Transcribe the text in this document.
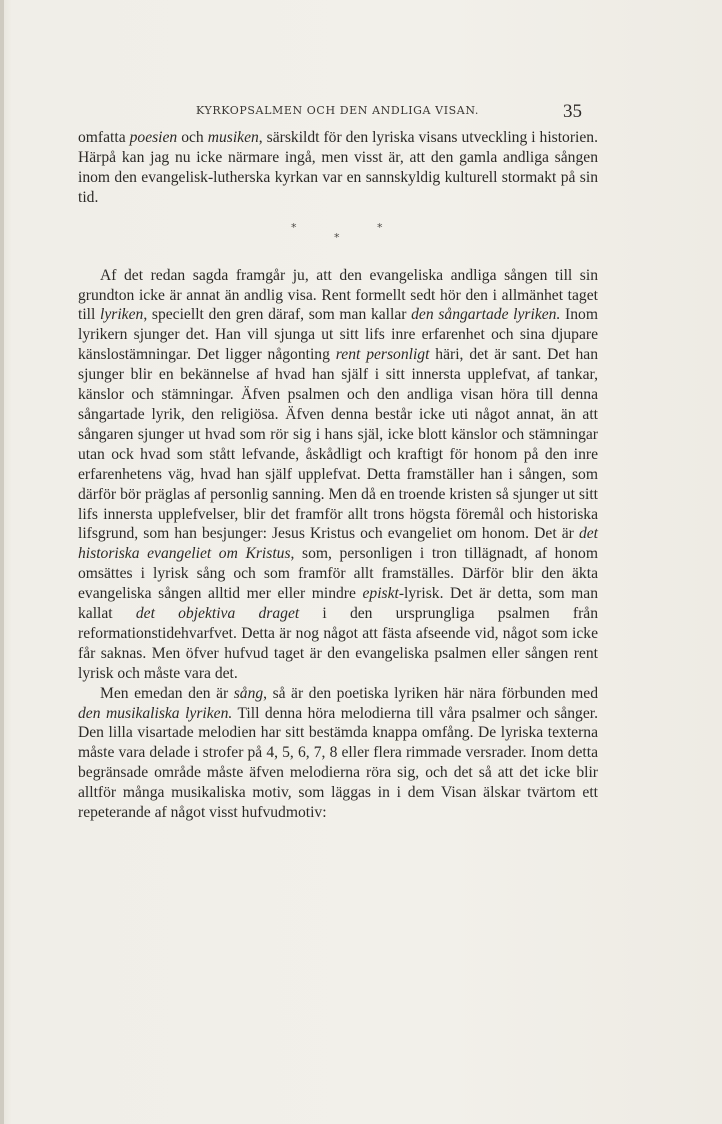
KYRKOPSALMEN OCH DEN ANDLIGA VISAN.	35

omfatta poesien och musiken, särskildt för den lyriska visans utveckling i historien. Härpå kan jag nu icke närmare ingå, men visst är, att den gamla andliga sången inom den evangelisk-lutherska kyrkan var en sannskyldig kulturell stormakt på sin tid.

*	*
*

Af det redan sagda framgår ju, att den evangeliska andliga sången till sin grundton icke är annat än andlig visa. Rent formellt sedt hör den i allmänhet taget till lyriken, speciellt den gren däraf, som man kallar den sångartade lyriken. Inom lyrikern sjunger det. Han vill sjunga ut sitt lifs inre erfarenhet och sina djupare känslostämningar. Det ligger någonting rent personligt häri, det är sant. Det han sjunger blir en bekännelse af hvad han själf i sitt innersta upplefvat, af tankar, känslor och stämningar. Äfven psalmen och den andliga visan höra till denna sångartade lyrik, den religiösa. Äfven denna består icke uti något annat, än att sångaren sjunger ut hvad som rör sig i hans själ, icke blott känslor och stämningar utan ock hvad som stått lefvande, åskådligt och kraftigt för honom på den inre erfarenhetens väg, hvad han själf upplefvat. Detta framställer han i sången, som därför bör präglas af personlig sanning. Men då en troende kristen så sjunger ut sitt lifs innersta upplefvelser, blir det framför allt trons högsta föremål och historiska lifsgrund, som han besjunger: Jesus Kristus och evangeliet om honom. Det är det historiska evangeliet om Kristus, som, personligen i tron tillägnadt, af honom omsättes i lyrisk sång och som framför allt framställes. Därför blir den äkta evangeliska sången alltid mer eller mindre episkt-lyrisk. Det är detta, som man kallat det objektiva draget i den ursprungliga psalmen från reformationstidehvarfvet. Detta är nog något att fästa afseende vid, något som icke får saknas. Men öfver hufvud taget är den evangeliska psalmen eller sången rent lyrisk och måste vara det.

Men emedan den är sång, så är den poetiska lyriken här nära förbunden med den musikaliska lyriken. Till denna höra melodierna till våra psalmer och sånger. Den lilla visartade melodien har sitt bestämda knappa omfång. De lyriska texterna måste vara delade i strofer på 4, 5, 6, 7, 8 eller flera rimmade versrader. Inom detta begränsade område måste äfven melodierna röra sig, och det så att det icke blir alltför många musikaliska motiv, som läggas in i dem Visan älskar tvärtom ett repeterande af något visst hufvudmotiv:
